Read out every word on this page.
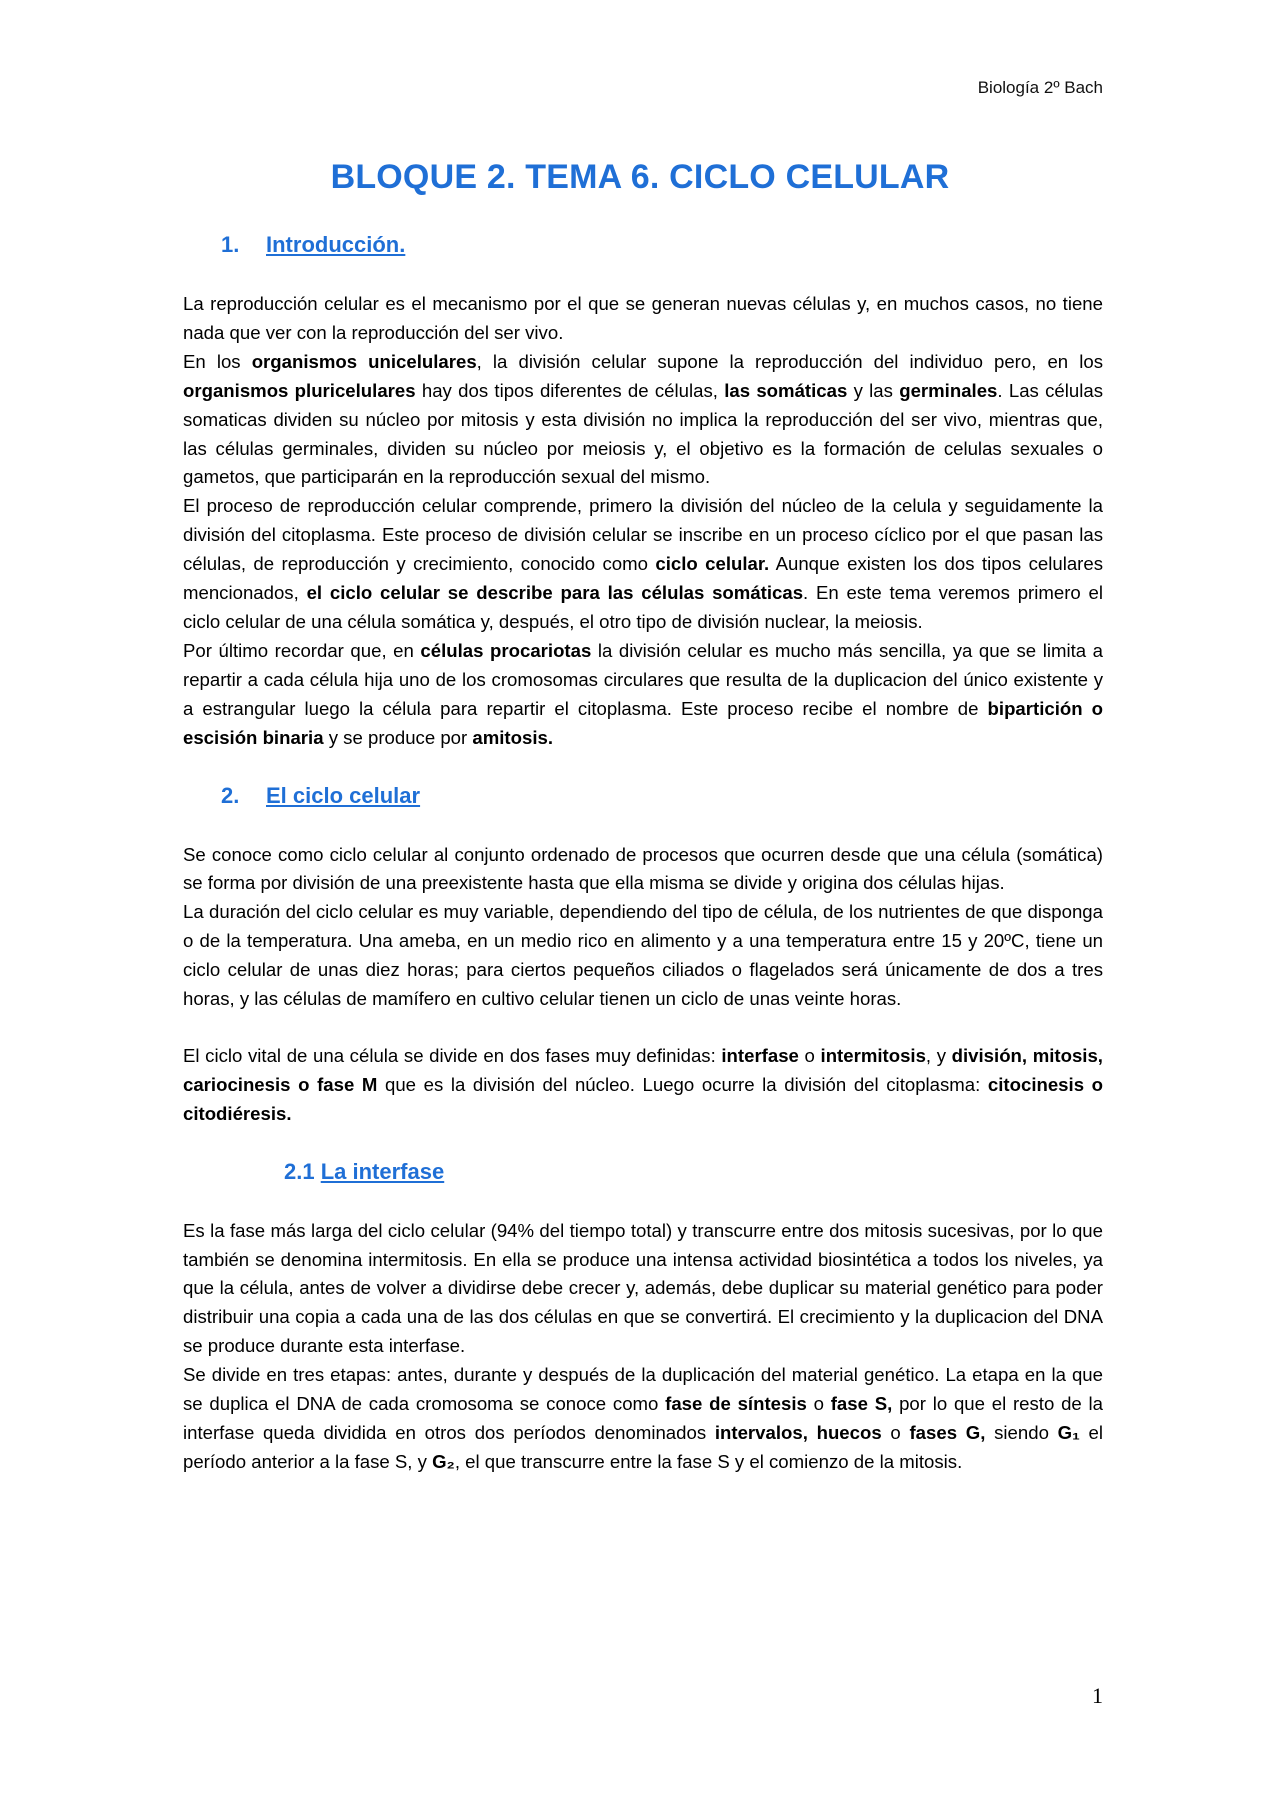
Biología 2º Bach
BLOQUE 2. TEMA 6. CICLO CELULAR
1. Introducción.

La reproducción celular es el mecanismo por el que se generan nuevas células y, en muchos casos, no tiene nada que ver con la reproducción del ser vivo.

En los organismos unicelulares, la división celular supone la reproducción del individuo pero, en los organismos pluricelulares hay dos tipos diferentes de células, las somáticas y las germinales. Las células somaticas dividen su núcleo por mitosis y esta división no implica la reproducción del ser vivo, mientras que, las células germinales, dividen su núcleo por meiosis y, el objetivo es la formación de celulas sexuales o gametos, que participarán en la reproducción sexual del mismo.

El proceso de reproducción celular comprende, primero la división del núcleo de la celula y seguidamente la división del citoplasma. Este proceso de división celular se inscribe en un proceso cíclico por el que pasan las células, de reproducción y crecimiento, conocido como ciclo celular. Aunque existen los dos tipos celulares mencionados, el ciclo celular se describe para las células somáticas. En este tema veremos primero el ciclo celular de una célula somática y, después, el otro tipo de división nuclear, la meiosis.

Por último recordar que, en células procariotas la división celular es mucho más sencilla, ya que se limita a repartir a cada célula hija uno de los cromosomas circulares que resulta de la duplicacion del único existente y a estrangular luego la célula para repartir el citoplasma. Este proceso recibe el nombre de bipartición o escisión binaria y se produce por amitosis.

2. El ciclo celular

Se conoce como ciclo celular al conjunto ordenado de procesos que ocurren desde que una célula (somática) se forma por división de una preexistente hasta que ella misma se divide y origina dos células hijas.

La duración del ciclo celular es muy variable, dependiendo del tipo de célula, de los nutrientes de que disponga o de la temperatura. Una ameba, en un medio rico en alimento y a una temperatura entre 15 y 20ºC, tiene un ciclo celular de unas diez horas; para ciertos pequeños ciliados o flagelados será únicamente de dos a tres horas, y las células de mamífero en cultivo celular tienen un ciclo de unas veinte horas.

El ciclo vital de una célula se divide en dos fases muy definidas: interfase o intermitosis, y división, mitosis, cariocinesis o fase M que es la división del núcleo. Luego ocurre la división del citoplasma: citocinesis o citodiéresis.

2.1 La interfase

Es la fase más larga del ciclo celular (94% del tiempo total) y transcurre entre dos mitosis sucesivas, por lo que también se denomina intermitosis. En ella se produce una intensa actividad biosintética a todos los niveles, ya que la célula, antes de volver a dividirse debe crecer y, además, debe duplicar su material genético para poder distribuir una copia a cada una de las dos células en que se convertirá. El crecimiento y la duplicacion del DNA se produce durante esta interfase.

Se divide en tres etapas: antes, durante y después de la duplicación del material genético. La etapa en la que se duplica el DNA de cada cromosoma se conoce como fase de síntesis o fase S, por lo que el resto de la interfase queda dividida en otros dos períodos denominados intervalos, huecos o fases G, siendo G₁ el período anterior a la fase S, y G₂, el que transcurre entre la fase S y el comienzo de la mitosis.

1
